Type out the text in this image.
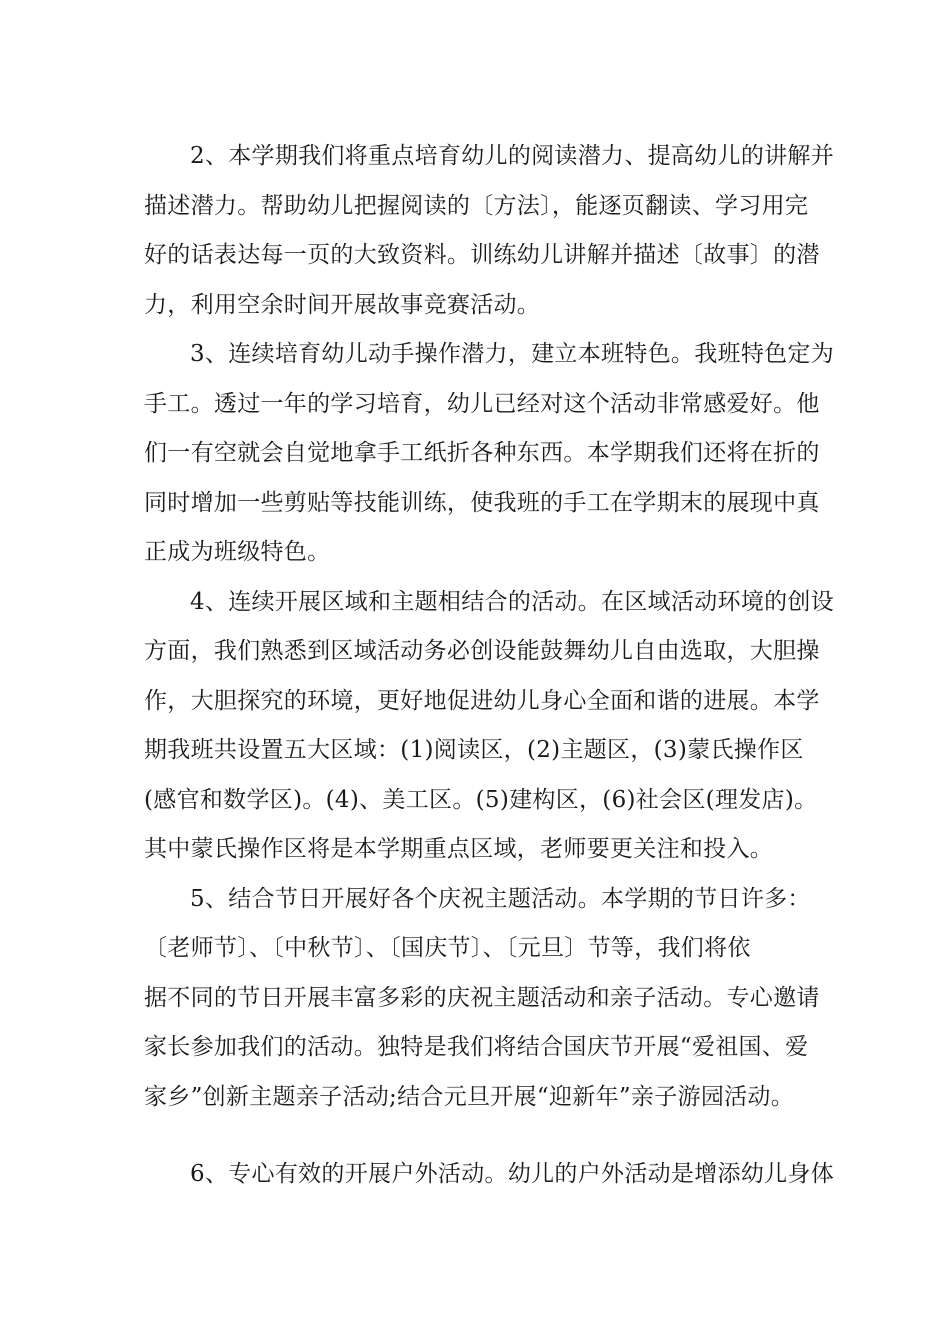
2、本学期我们将重点培育幼儿的阅读潜力、提高幼儿的讲解并

描述潜力。帮助幼儿把握阅读的〔方法〕，能逐页翻读、学习用完

好的话表达每一页的大致资料。训练幼儿讲解并描述〔故事〕的潜

力，利用空余时间开展故事竞赛活动。

3、连续培育幼儿动手操作潜力，建立本班特色。我班特色定为

手工。透过一年的学习培育，幼儿已经对这个活动非常感爱好。他

们一有空就会自觉地拿手工纸折各种东西。本学期我们还将在折的

同时增加一些剪贴等技能训练，使我班的手工在学期末的展现中真

正成为班级特色。

4、连续开展区域和主题相结合的活动。在区域活动环境的创设

方面，我们熟悉到区域活动务必创设能鼓舞幼儿自由选取，大胆操

作，大胆探究的环境，更好地促进幼儿身心全面和谐的进展。本学

期我班共设置五大区域：(1)阅读区，(2)主题区，(3)蒙氏操作区

(感官和数学区)。(4)、美工区。(5)建构区，(6)社会区(理发店)。

其中蒙氏操作区将是本学期重点区域，老师要更关注和投入。

5、结合节日开展好各个庆祝主题活动。本学期的节日许多：

〔老师节〕、〔中秋节〕、〔国庆节〕、〔元旦〕节等，我们将依

据不同的节日开展丰富多彩的庆祝主题活动和亲子活动。专心邀请

家长参加我们的活动。独特是我们将结合国庆节开展“爱祖国、爱

家乡”创新主题亲子活动;结合元旦开展“迎新年”亲子游园活动。

6、专心有效的开展户外活动。幼儿的户外活动是增添幼儿身体
